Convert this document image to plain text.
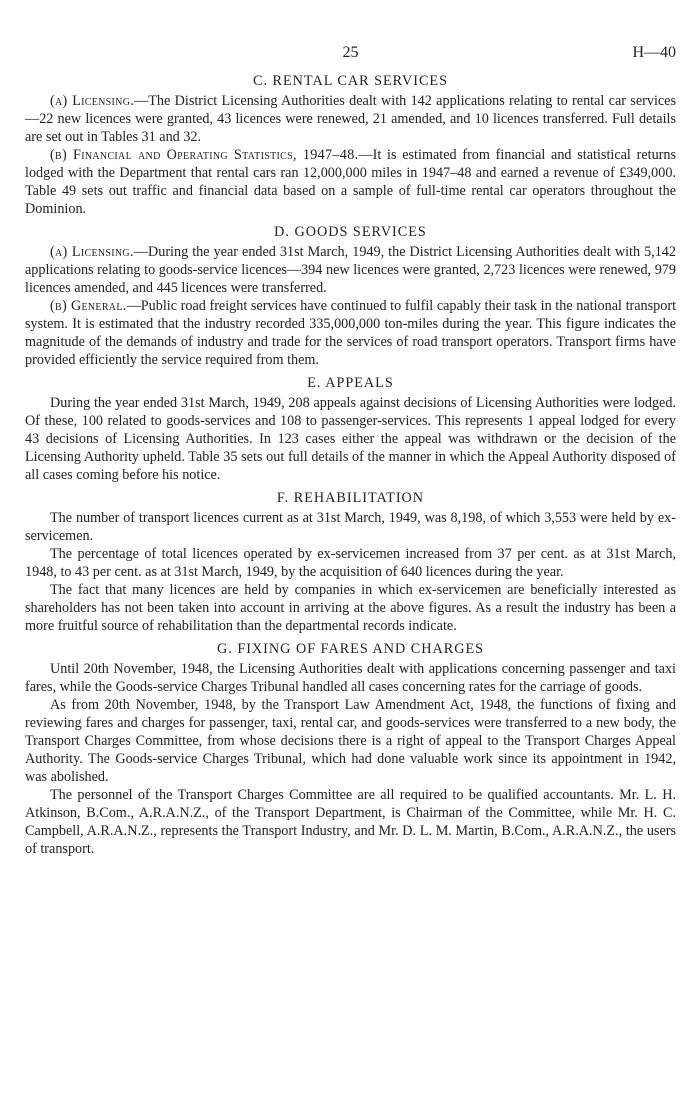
25	H—40
C. RENTAL CAR SERVICES

(a) Licensing.—The District Licensing Authorities dealt with 142 applications relating to rental car services—22 new licences were granted, 43 licences were renewed, 21 amended, and 10 licences transferred. Full details are set out in Tables 31 and 32.

(b) Financial and Operating Statistics, 1947–48.—It is estimated from financial and statistical returns lodged with the Department that rental cars ran 12,000,000 miles in 1947–48 and earned a revenue of £349,000. Table 49 sets out traffic and financial data based on a sample of full-time rental car operators throughout the Dominion.

D. GOODS SERVICES

(a) Licensing.—During the year ended 31st March, 1949, the District Licensing Authorities dealt with 5,142 applications relating to goods-service licences—394 new licences were granted, 2,723 licences were renewed, 979 licences amended, and 445 licences were transferred.

(b) General.—Public road freight services have continued to fulfil capably their task in the national transport system. It is estimated that the industry recorded 335,000,000 ton-miles during the year. This figure indicates the magnitude of the demands of industry and trade for the services of road transport operators. Transport firms have provided efficiently the service required from them.

E. APPEALS

During the year ended 31st March, 1949, 208 appeals against decisions of Licensing Authorities were lodged. Of these, 100 related to goods-services and 108 to passenger-services. This represents 1 appeal lodged for every 43 decisions of Licensing Authorities. In 123 cases either the appeal was withdrawn or the decision of the Licensing Authority upheld. Table 35 sets out full details of the manner in which the Appeal Authority disposed of all cases coming before his notice.

F. REHABILITATION

The number of transport licences current as at 31st March, 1949, was 8,198, of which 3,553 were held by ex-servicemen.

The percentage of total licences operated by ex-servicemen increased from 37 per cent. as at 31st March, 1948, to 43 per cent. as at 31st March, 1949, by the acquisition of 640 licences during the year.

The fact that many licences are held by companies in which ex-servicemen are beneficially interested as shareholders has not been taken into account in arriving at the above figures. As a result the industry has been a more fruitful source of rehabilitation than the departmental records indicate.

G. FIXING OF FARES AND CHARGES

Until 20th November, 1948, the Licensing Authorities dealt with applications concerning passenger and taxi fares, while the Goods-service Charges Tribunal handled all cases concerning rates for the carriage of goods.

As from 20th November, 1948, by the Transport Law Amendment Act, 1948, the functions of fixing and reviewing fares and charges for passenger, taxi, rental car, and goods-services were transferred to a new body, the Transport Charges Committee, from whose decisions there is a right of appeal to the Transport Charges Appeal Authority. The Goods-service Charges Tribunal, which had done valuable work since its appointment in 1942, was abolished.

The personnel of the Transport Charges Committee are all required to be qualified accountants. Mr. L. H. Atkinson, B.Com., A.R.A.N.Z., of the Transport Department, is Chairman of the Committee, while Mr. H. C. Campbell, A.R.A.N.Z., represents the Transport Industry, and Mr. D. L. M. Martin, B.Com., A.R.A.N.Z., the users of transport.
